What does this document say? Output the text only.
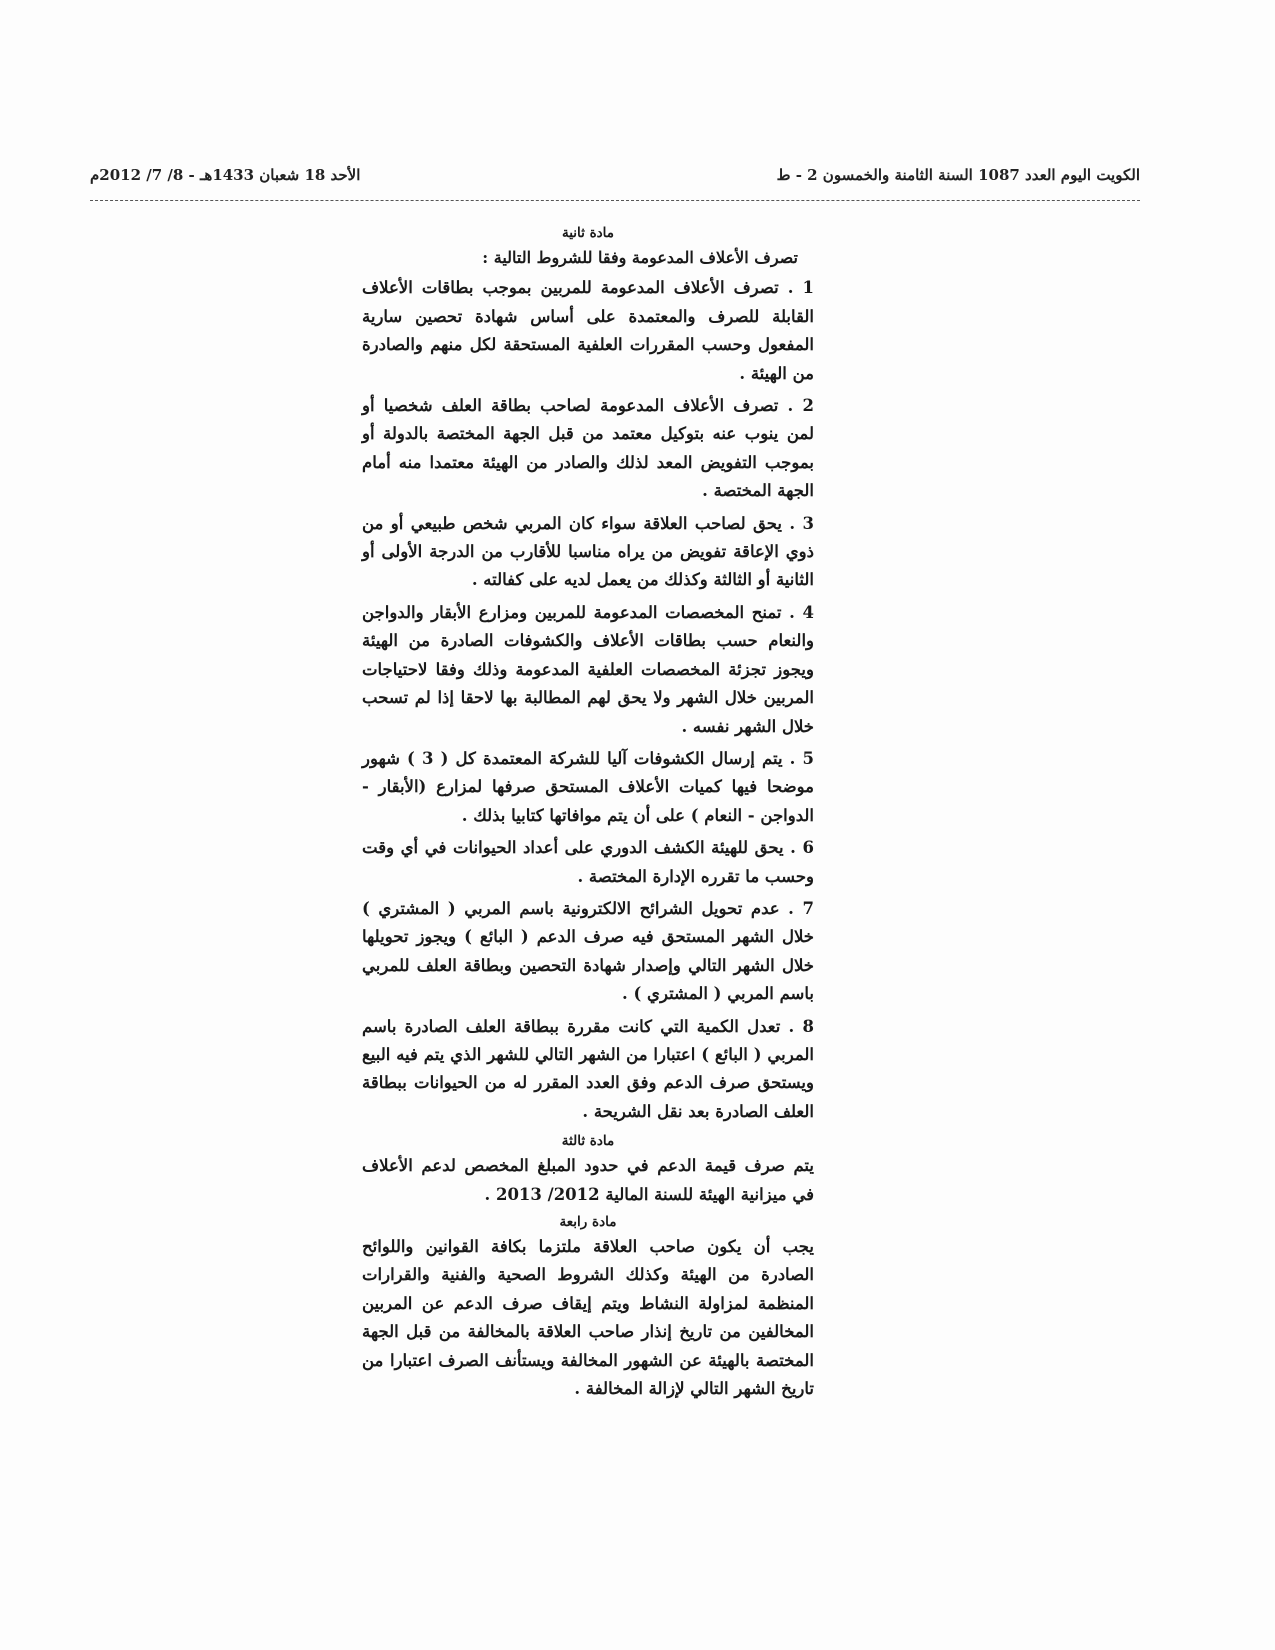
الكويت اليوم العدد 1087 السنة الثامنة والخمسون 2 - ط
الأحد 18 شعبان 1433هـ - 8/ 7/ 2012م
مادة ثانية
تصرف الأعلاف المدعومة وفقا للشروط التالية :
1 . تصرف الأعلاف المدعومة للمربين بموجب بطاقات الأعلاف القابلة للصرف والمعتمدة على أساس شهادة تحصين سارية المفعول وحسب المقررات العلفية المستحقة لكل منهم والصادرة من الهيئة .
2 . تصرف الأعلاف المدعومة لصاحب بطاقة العلف شخصيا أو لمن ينوب عنه بتوكيل معتمد من قبل الجهة المختصة بالدولة أو بموجب التفويض المعد لذلك والصادر من الهيئة معتمدا منه أمام الجهة المختصة .
3 . يحق لصاحب العلاقة سواء كان المربي شخص طبيعي أو من ذوي الإعاقة تفويض من يراه مناسبا للأقارب من الدرجة الأولى أو الثانية أو الثالثة وكذلك من يعمل لديه على كفالته .
4 . تمنح المخصصات المدعومة للمربين ومزارع الأبقار والدواجن والنعام حسب بطاقات الأعلاف والكشوفات الصادرة من الهيئة ويجوز تجزئة المخصصات العلفية المدعومة وذلك وفقا لاحتياجات المربين خلال الشهر ولا يحق لهم المطالبة بها لاحقا إذا لم تسحب خلال الشهر نفسه .
5 . يتم إرسال الكشوفات آليا للشركة المعتمدة كل ( 3 ) شهور موضحا فيها كميات الأعلاف المستحق صرفها لمزارع (الأبقار - الدواجن - النعام ) على أن يتم موافاتها كتابيا بذلك .
6 . يحق للهيئة الكشف الدوري على أعداد الحيوانات في أي وقت وحسب ما تقرره الإدارة المختصة .
7 . عدم تحويل الشرائح الالكترونية باسم المربي ( المشتري ) خلال الشهر المستحق فيه صرف الدعم ( البائع ) ويجوز تحويلها خلال الشهر التالي وإصدار شهادة التحصين وبطاقة العلف للمربي باسم المربي ( المشتري ) .
8 . تعدل الكمية التي كانت مقررة ببطاقة العلف الصادرة باسم المربي ( البائع ) اعتبارا من الشهر التالي للشهر الذي يتم فيه البيع ويستحق صرف الدعم وفق العدد المقرر له من الحيوانات ببطاقة العلف الصادرة بعد نقل الشريحة .
مادة ثالثة
يتم صرف قيمة الدعم في حدود المبلغ المخصص لدعم الأعلاف في ميزانية الهيئة للسنة المالية 2012/ 2013 .
مادة رابعة
يجب أن يكون صاحب العلاقة ملتزما بكافة القوانين واللوائح الصادرة من الهيئة وكذلك الشروط الصحية والفنية والقرارات المنظمة لمزاولة النشاط ويتم إيقاف صرف الدعم عن المربين المخالفين من تاريخ إنذار صاحب العلاقة بالمخالفة من قبل الجهة المختصة بالهيئة عن الشهور المخالفة ويستأنف الصرف اعتبارا من تاريخ الشهر التالي لإزالة المخالفة .
